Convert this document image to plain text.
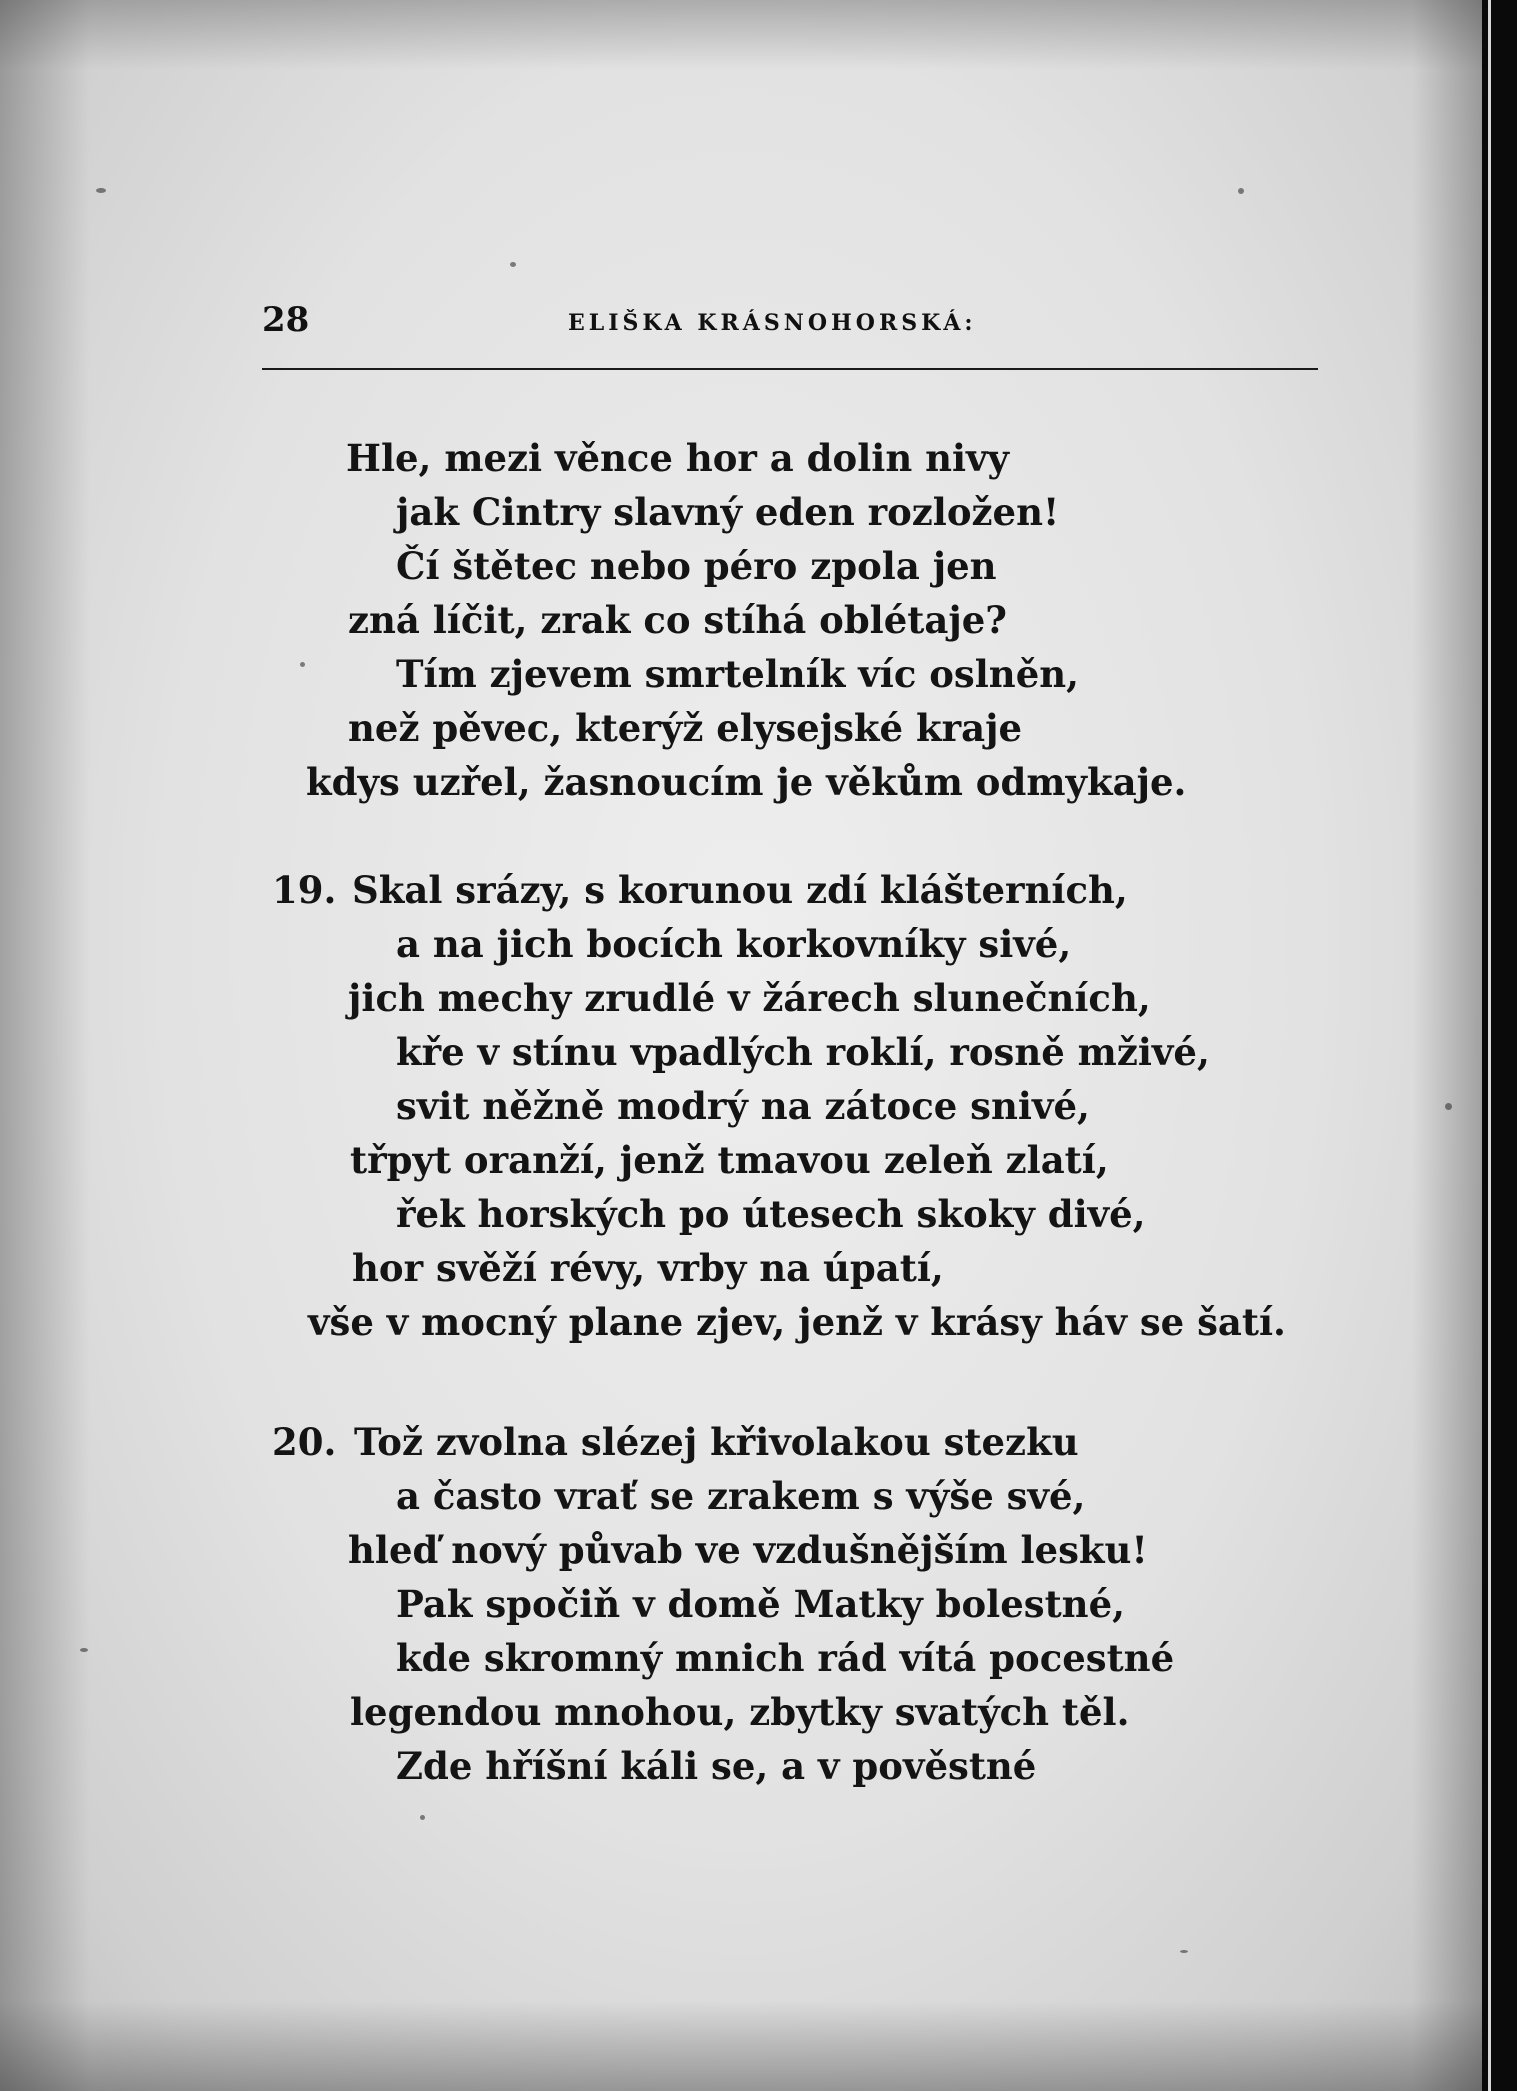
28	ELIŠKA KRÁSNOHORSKÁ:
Hle, mezi věnce hor a dolin nivy
jak Cintry slavný eden rozložen!
Čí štětec nebo péro zpola jen
zná líčit, zrak co stíhá oblétaje?
Tím zjevem smrtelník víc oslněn,
než pěvec, kterýž elysejské kraje
kdys uzřel, žasnoucím je věkům odmykaje.
19. Skal srázy, s korunou zdí klášterních,
a na jich bocích korkovníky sivé,
jich mechy zrudlé v žárech slunečních,
kře v stínu vpadlých roklí, rosně mživé,
svit něžně modrý na zátoce snivé,
třpyt oranží, jenž tmavou zeleň zlatí,
řek horských po útesech skoky divé,
hor svěží révy, vrby na úpatí,
vše v mocný plane zjev, jenž v krásy háv se šatí.
20. Tož zvolna slézej křivolakou stezku
a často vrať se zrakem s výše své,
hleď nový půvab ve vzdušnějším lesku!
Pak spočiň v domě Matky bolestné,
kde skromný mnich rád vítá pocestné
legendou mnohou, zbytky svatých těl.
Zde hříšní káli se, a v pověstné
